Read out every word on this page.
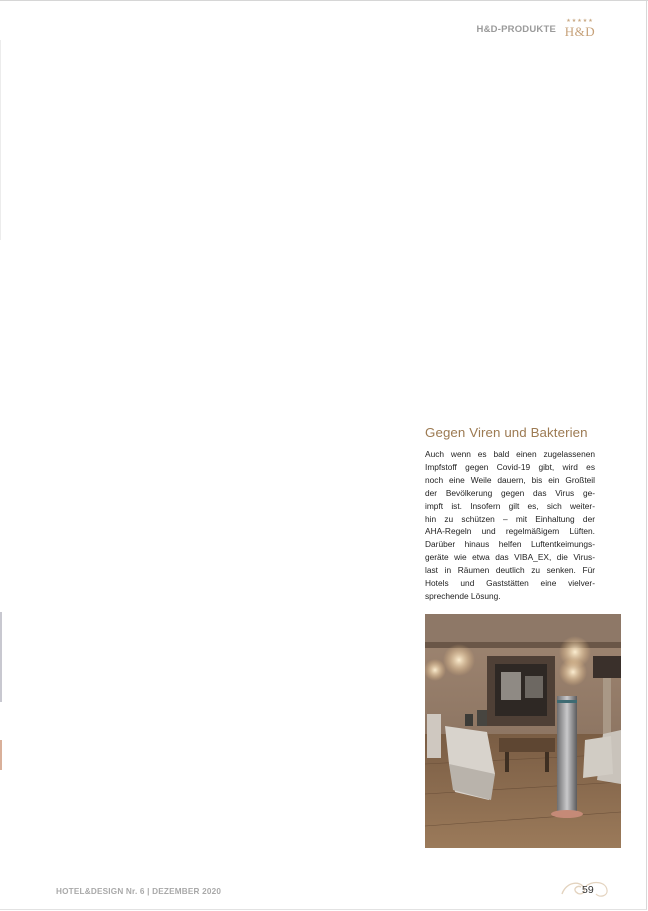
H&D-PRODUKTE
★★★★★
H&D
Gegen Viren und Bakterien
Auch wenn es bald einen zugelassenen
Impfstoff gegen Covid-19 gibt, wird es
noch eine Weile dauern, bis ein Großteil
der Bevölkerung gegen das Virus ge-
impft ist. Insofern gilt es, sich weiter-
hin zu schützen – mit Einhaltung der
AHA-Regeln und regelmäßigem Lüften.
Darüber hinaus helfen Luftentkeimungs-
geräte wie etwa das VIBA_EX, die Virus-
last in Räumen deutlich zu senken. Für
Hotels und Gaststätten eine vielver-
sprechende Lösung.
HOTEL&DESIGN Nr. 6 | DEZEMBER 2020	59
